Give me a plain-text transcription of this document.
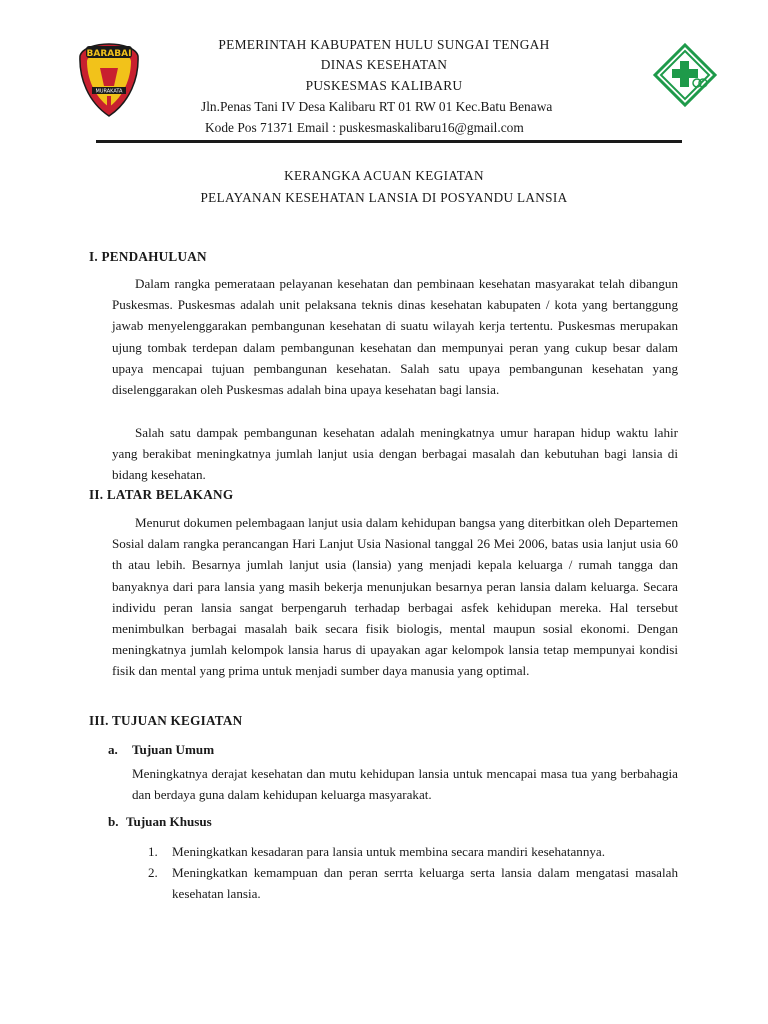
BARABAI
MURAKATA
PEMERINTAH KABUPATEN HULU SUNGAI TENGAH
DINAS KESEHATAN
PUSKESMAS KALIBARU
Jln.Penas Tani IV Desa Kalibaru RT 01 RW 01 Kec.Batu Benawa
Kode Pos 71371 Email : puskesmaskalibaru16@gmail.com
KERANGKA ACUAN KEGIATAN
PELAYANAN KESEHATAN LANSIA DI POSYANDU LANSIA
I. PENDAHULUAN

Dalam rangka pemerataan pelayanan kesehatan dan pembinaan kesehatan masyarakat telah dibangun Puskesmas. Puskesmas adalah unit pelaksana teknis dinas kesehatan kabupaten / kota yang bertanggung jawab menyelenggarakan pembangunan kesehatan di suatu wilayah kerja tertentu. Puskesmas merupakan ujung tombak terdepan dalam pembangunan kesehatan dan mempunyai peran yang cukup besar dalam upaya mencapai tujuan pembangunan kesehatan. Salah satu upaya pembangunan kesehatan yang diselenggarakan oleh Puskesmas adalah bina upaya kesehatan bagi lansia.

Salah satu dampak pembangunan kesehatan adalah meningkatnya umur harapan hidup waktu lahir yang berakibat meningkatnya jumlah lanjut usia dengan berbagai masalah dan kebutuhan bagi lansia di bidang kesehatan.

II. LATAR BELAKANG

Menurut dokumen pelembagaan lanjut usia dalam kehidupan bangsa yang diterbitkan oleh Departemen Sosial dalam rangka perancangan Hari Lanjut Usia Nasional tanggal 26 Mei 2006, batas usia lanjut usia 60 th atau lebih. Besarnya jumlah lanjut usia (lansia) yang menjadi kepala keluarga / rumah tangga dan banyaknya dari para lansia yang masih bekerja menunjukan besarnya peran lansia dalam keluarga. Secara individu peran lansia sangat berpengaruh terhadap berbagai asfek kehidupan mereka. Hal tersebut menimbulkan berbagai masalah baik secara fisik biologis, mental maupun sosial ekonomi. Dengan meningkatnya jumlah kelompok lansia harus di upayakan agar kelompok lansia tetap mempunyai kondisi fisik dan mental yang prima untuk menjadi sumber daya manusia yang optimal.

III. TUJUAN KEGIATAN
a. Tujuan Umum

Meningkatnya derajat kesehatan dan mutu kehidupan lansia untuk mencapai masa tua yang berbahagia dan berdaya guna dalam kehidupan keluarga masyarakat.

b. Tujuan Khusus
1.	Meningkatkan kesadaran para lansia untuk membina secara mandiri kesehatannya.
2.	Meningkatkan kemampuan dan peran serrta keluarga serta lansia dalam mengatasi masalah kesehatan lansia.
